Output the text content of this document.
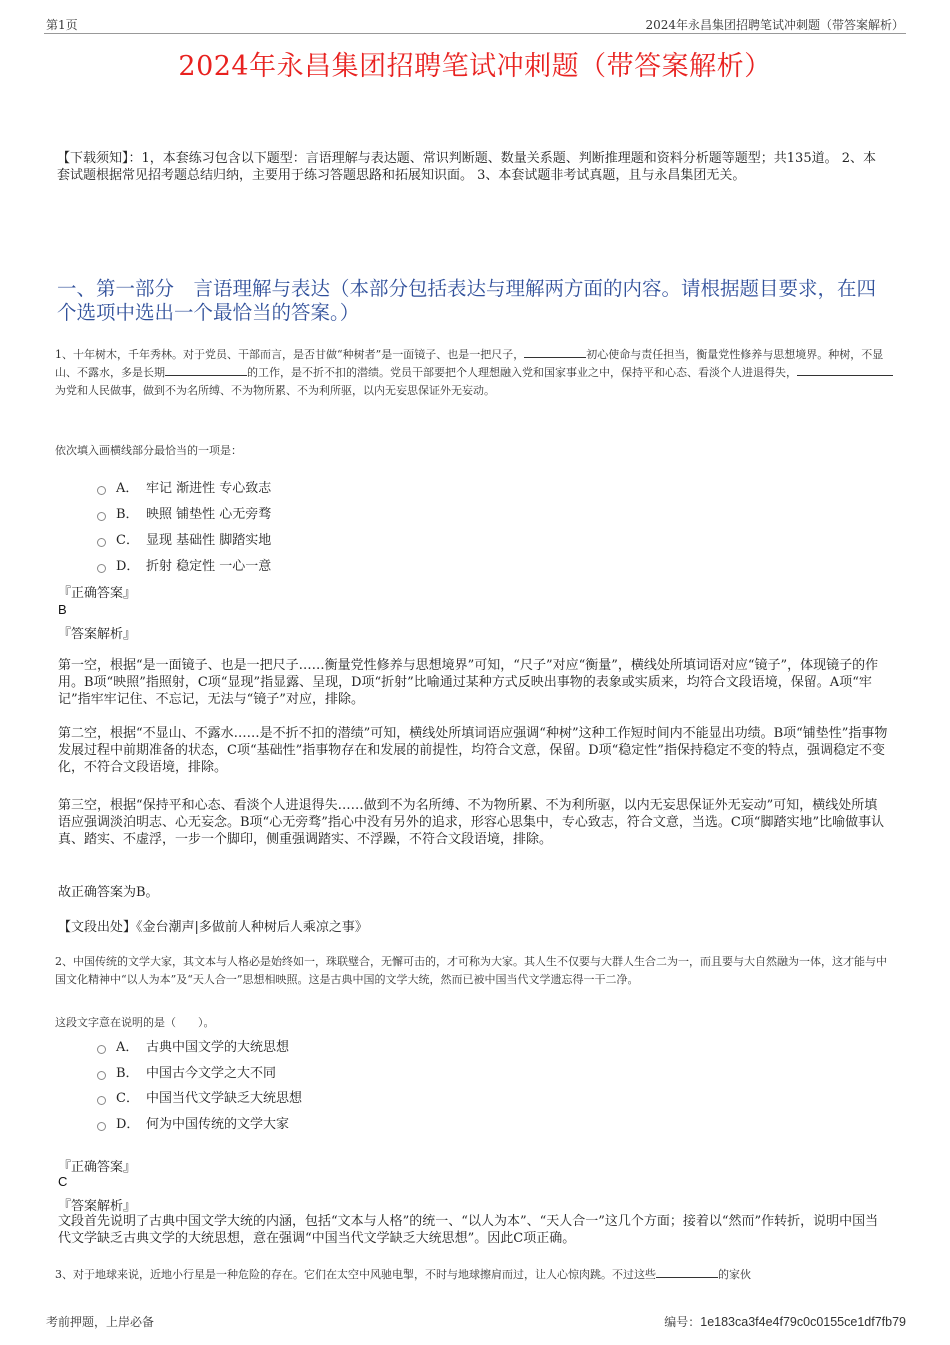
第1页	2024年永昌集团招聘笔试冲刺题（带答案解析）
2024年永昌集团招聘笔试冲刺题（带答案解析）
【下载须知】：1，本套练习包含以下题型：言语理解与表达题、常识判断题、数量关系题、判断推理题和资料分析题等题型；共135道。 2、本套试题根据常见招考题总结归纳，主要用于练习答题思路和拓展知识面。 3、本套试题非考试真题，且与永昌集团无关。
一、第一部分　言语理解与表达（本部分包括表达与理解两方面的内容。请根据题目要求，在四个选项中选出一个最恰当的答案。）
1、十年树木，千年秀林。对于党员、干部而言，是否甘做“种树者”是一面镜子、也是一把尺子，	初心使命与责任担当，衡量党性修养与思想境界。种树，不显山、不露水，多是长期	的工作，是不折不扣的潜绩。党员干部要把个人理想融入党和国家事业之中，保持平和心态、看淡个人进退得失，为党和人民做事，做到不为名所缚、不为物所累、不为利所驱，以内无妄思保证外无妄动。
依次填入画横线部分最恰当的一项是：
A． 牢记 渐进性 专心致志
B． 映照 铺垫性 心无旁骛
C． 显现 基础性 脚踏实地
D． 折射 稳定性 一心一意
『正确答案』
B
『答案解析』
第一空，根据“是一面镜子、也是一把尺子……衡量党性修养与思想境界”可知，“尺子”对应“衡量”，横线处所填词语对应“镜子”，体现镜子的作用。B项“映照”指照射，C项“显现”指显露、呈现，D项“折射”比喻通过某种方式反映出事物的表象或实质来，均符合文段语境，保留。A项“牢记”指牢牢记住、不忘记，无法与“镜子”对应，排除。
第二空，根据“不显山、不露水……是不折不扣的潜绩”可知，横线处所填词语应强调“种树”这种工作短时间内不能显出功绩。B项“铺垫性”指事物发展过程中前期准备的状态，C项“基础性”指事物存在和发展的前提性，均符合文意，保留。D项“稳定性”指保持稳定不变的特点，强调稳定不变化，不符合文段语境，排除。
第三空，根据“保持平和心态、看淡个人进退得失……做到不为名所缚、不为物所累、不为利所驱，以内无妄思保证外无妄动”可知，横线处所填语应强调淡泊明志、心无妄念。B项“心无旁骛”指心中没有另外的追求，形容心思集中，专心致志，符合文意，当选。C项“脚踏实地”比喻做事认真、踏实、不虚浮，一步一个脚印，侧重强调踏实、不浮躁，不符合文段语境，排除。
故正确答案为B。
【文段出处】《金台潮声|多做前人种树后人乘凉之事》
2、中国传统的文学大家，其文本与人格必是始终如一，珠联璧合，无懈可击的，才可称为大家。其人生不仅要与大群人生合二为一，而且要与大自然融为一体，这才能与中国文化精神中“以人为本”及“天人合一”思想相映照。这是古典中国的文学大统，然而已被中国当代文学遗忘得一干二净。
这段文字意在说明的是（　　）。
A． 古典中国文学的大统思想
B． 中国古今文学之大不同
C． 中国当代文学缺乏大统思想
D． 何为中国传统的文学大家
『正确答案』
C
『答案解析』
文段首先说明了古典中国文学大统的内涵，包括“文本与人格”的统一、“以人为本”、“天人合一”这几个方面；接着以“然而”作转折，说明中国当代文学缺乏古典文学的大统思想，意在强调“中国当代文学缺乏大统思想”。因此C项正确。
3、对于地球来说，近地小行星是一种危险的存在。它们在太空中风驰电掣，不时与地球擦肩而过，让人心惊肉跳。不过这些	的家伙
考前押题，上岸必备	编号：1e183ca3f4e4f79c0c0155ce1df7fb79
